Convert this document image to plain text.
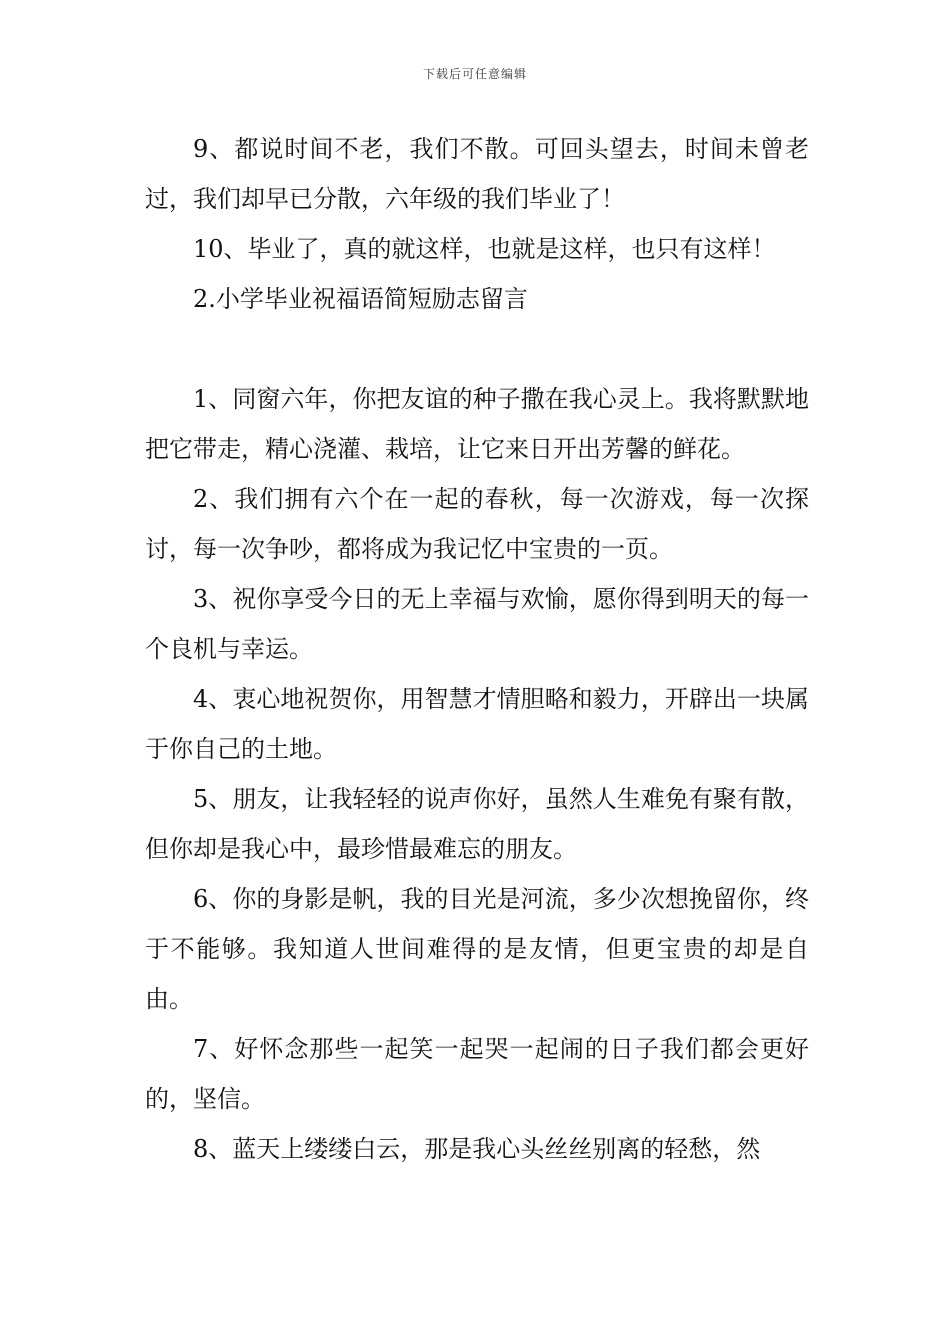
下载后可任意编辑

9、都说时间不老，我们不散。可回头望去，时间未曾老过，我们却早已分散，六年级的我们毕业了！

10、毕业了，真的就这样，也就是这样，也只有这样！

2.小学毕业祝福语简短励志留言

1、同窗六年，你把友谊的种子撒在我心灵上。我将默默地把它带走，精心浇灌、栽培，让它来日开出芳馨的鲜花。

2、我们拥有六个在一起的春秋，每一次游戏，每一次探讨，每一次争吵，都将成为我记忆中宝贵的一页。

3、祝你享受今日的无上幸福与欢愉，愿你得到明天的每一个良机与幸运。

4、衷心地祝贺你，用智慧才情胆略和毅力，开辟出一块属于你自己的土地。

5、朋友，让我轻轻的说声你好，虽然人生难免有聚有散，但你却是我心中，最珍惜最难忘的朋友。

6、你的身影是帆，我的目光是河流，多少次想挽留你，终于不能够。我知道人世间难得的是友情，但更宝贵的却是自由。

7、好怀念那些一起笑一起哭一起闹的日子我们都会更好的，坚信。

8、蓝天上缕缕白云，那是我心头丝丝别离的轻愁，然
